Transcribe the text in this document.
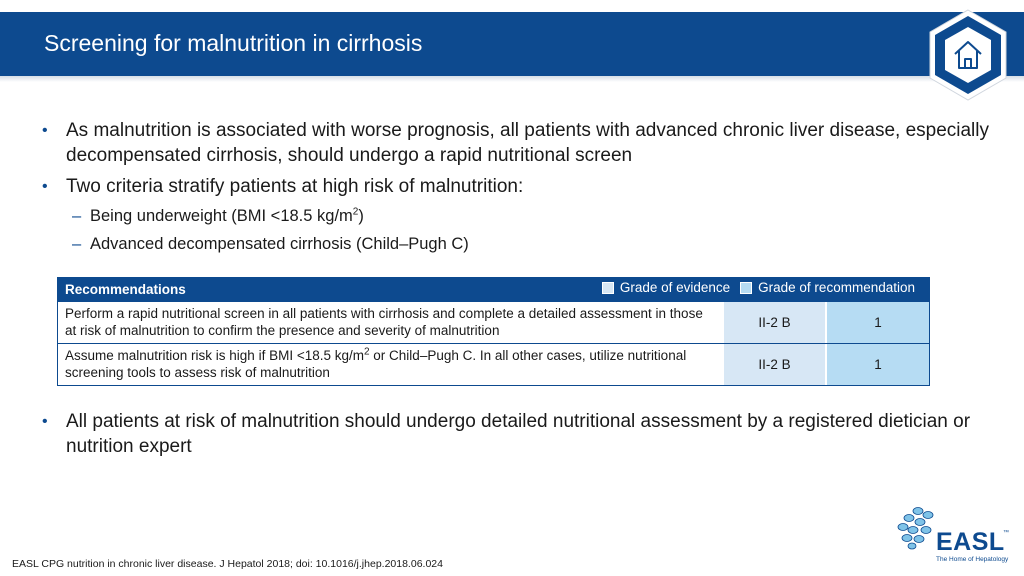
Screening for malnutrition in cirrhosis
• As malnutrition is associated with worse prognosis, all patients with advanced chronic liver disease, especially decompensated cirrhosis, should undergo a rapid nutritional screen
• Two criteria stratify patients at high risk of malnutrition:
– Being underweight (BMI <18.5 $kg/m^2$)
– Advanced decompensated cirrhosis (Child–Pugh C)
Recommendations	Grade of evidence Grade of recommendation
Perform a rapid nutritional screen in all patients with cirrhosis and complete a detailed assessment in those at risk of malnutrition to confirm the presence and severity of malnutrition
II-2 B	1
Assume malnutrition risk is high if BMI <18.5 $kg/m^2$ or Child–Pugh C. In all other cases, utilize nutritional screening tools to assess risk of malnutrition
II-2 B	1
• All patients at risk of malnutrition should undergo detailed nutritional assessment by a registered dietician or nutrition expert
EASL CPG nutrition in chronic liver disease. J Hepatol 2018; doi: 10.1016/j.jhep.2018.06.024
EASL
™
The Home of Hepatology
